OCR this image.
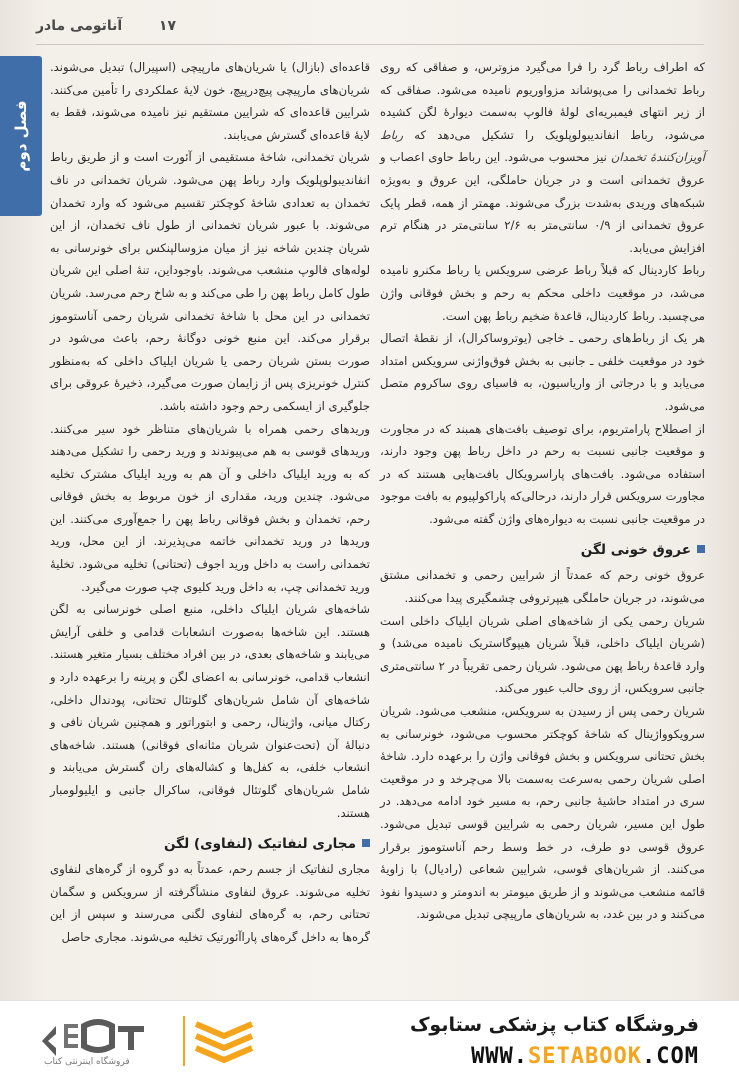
۱۷
آناتومی مادر
فصل دوم

که اطراف رباط گرد را فرا می‌گیرد مزوترس، و صفاقی که روی رباط تخمدانی را می‌پوشاند مزواوریوم نامیده می‌شود. صفاقی که از زیر انتهای فیمبریه‌ای لولهٔ فالوپ به‌سمت دیوارهٔ لگن کشیده می‌شود، رباط انفاندیبولوپلویک را تشکیل می‌دهد که رباط آویزان‌کنندهٔ تخمدان نیز محسوب می‌شود. این رباط حاوی اعصاب و عروق تخمدانی است و در جریان حاملگی، این عروق و به‌ویژه شبکه‌های وریدی به‌شدت بزرگ می‌شوند. مهمتر از همه، قطر پایک عروق تخمدانی از ۰/۹ سانتی‌متر به ۲/۶ سانتی‌متر در هنگام ترم افزایش می‌یابد.

رباط کاردینال که قبلاً رباط عرضی سرویکس یا رباط مکنرو نامیده می‌شد، در موقعیت داخلی محکم به رحم و بخش فوقانی واژن می‌چسبد. رباط کاردینال، قاعدهٔ ضخیم رباط پهن است.

هر یک از رباط‌های رحمی ـ خاجی (یوتروساکرال)، از نقطهٔ اتصال خود در موقعیت خلفی ـ جانبی به بخش فوق‌واژنی سرویکس امتداد می‌یابد و با درجاتی از واریاسیون، به فاسیای روی ساکروم متصل می‌شود.

از اصطلاح پارامتریوم، برای توصیف بافت‌های همبند که در مجاورت و موقعیت جانبی نسبت به رحم در داخل رباط پهن وجود دارند، استفاده می‌شود. بافت‌های پاراسرویکال بافت‌هایی هستند که در مجاورت سرویکس قرار دارند، درحالی‌که پاراکولپیوم به بافت موجود در موقعیت جانبی نسبت به دیواره‌های واژن گفته می‌شود.

عروق خونی لگن

عروق خونی رحم که عمدتاً از شرایین رحمی و تخمدانی مشتق می‌شوند، در جریان حاملگی هیپرتروفی چشمگیری پیدا می‌کنند.

شریان رحمی یکی از شاخه‌های اصلی شریان ایلیاک داخلی است (شریان ایلیاک داخلی، قبلاً شریان هیپوگاستریک نامیده می‌شد) و وارد قاعدهٔ رباط پهن می‌شود. شریان رحمی تقریباً در ۲ سانتی‌متری جانبی سرویکس، از روی حالب عبور می‌کند.

شریان رحمی پس از رسیدن به سرویکس، منشعب می‌شود. شریان سرویکوواژینال که شاخهٔ کوچکتر محسوب می‌شود، خونرسانی به بخش تحتانی سرویکس و بخش فوقانی واژن را برعهده دارد. شاخهٔ اصلی شریان رحمی به‌سرعت به‌سمت بالا می‌چرخد و در موقعیت سری در امتداد حاشیهٔ جانبی رحم، به مسیر خود ادامه می‌دهد. در طول این مسیر، شریان رحمی به شرایین قوسی تبدیل می‌شود. عروق قوسی دو طرف، در خط وسط رحم آناستوموز برقرار می‌کنند. از شریان‌های قوسی، شرایین شعاعی (رادیال) با زاویهٔ قائمه منشعب می‌شوند و از طریق میومتر به اندومتر و دسیدوا نفوذ می‌کنند و در بین غدد، به شریان‌های مارپیچی تبدیل می‌شوند.

قاعده‌ای (بازال) یا شریان‌های مارپیچی (اسپیرال) تبدیل می‌شوند. شریان‌های مارپیچی پیچ‌درپیچ، خون لایهٔ عملکردی را تأمین می‌کنند. شرایین قاعده‌ای که شرایین مستقیم نیز نامیده می‌شوند، فقط به لایهٔ قاعده‌ای گسترش می‌یابند.

شریان تخمدانی، شاخهٔ مستقیمی از آئورت است و از طریق رباط انفاندیبولوپلویک وارد رباط پهن می‌شود. شریان تخمدانی در ناف تخمدان به تعدادی شاخهٔ کوچکتر تقسیم می‌شود که وارد تخمدان می‌شوند. با عبور شریان تخمدانی از طول ناف تخمدان، از این شریان چندین شاخه نیز از میان مزوسالپنکس برای خونرسانی به لوله‌های فالوپ منشعب می‌شوند. باوجوداین، تنهٔ اصلی این شریان طول کامل رباط پهن را طی می‌کند و به شاخ رحم می‌رسد. شریان تخمدانی در این محل با شاخهٔ تخمدانی شریان رحمی آناستوموز برقرار می‌کند. این منبع خونی دوگانهٔ رحم، باعث می‌شود در صورت بستن شریان رحمی یا شریان ایلیاک داخلی که به‌منظور کنترل خونریزی پس از زایمان صورت می‌گیرد، ذخیرهٔ عروقی برای جلوگیری از ایسکمی رحم وجود داشته باشد.

وریدهای رحمی همراه با شریان‌های متناظر خود سیر می‌کنند. وریدهای قوسی به هم می‌پیوندند و ورید رحمی را تشکیل می‌دهند که به ورید ایلیاک داخلی و آن هم به ورید ایلیاک مشترک تخلیه می‌شود. چندین ورید، مقداری از خون مربوط به بخش فوقانی رحم، تخمدان و بخش فوقانی رباط پهن را جمع‌آوری می‌کنند. این وریدها در ورید تخمدانی خاتمه می‌پذیرند. از این محل، ورید تخمدانی راست به داخل ورید اجوف (تحتانی) تخلیه می‌شود. تخلیهٔ ورید تخمدانی چپ، به داخل ورید کلیوی چپ صورت می‌گیرد.

شاخه‌های شریان ایلیاک داخلی، منبع اصلی خونرسانی به لگن هستند. این شاخه‌ها به‌صورت انشعابات قدامی و خلفی آرایش می‌یابند و شاخه‌های بعدی، در بین افراد مختلف بسیار متغیر هستند. انشعاب قدامی، خونرسانی به اعضای لگن و پرینه را برعهده دارد و شاخه‌های آن شامل شریان‌های گلوتئال تحتانی، پودندال داخلی، رکتال میانی، واژینال، رحمی و ابتوراتور و همچنین شریان نافی و دنبالهٔ آن (تحت‌عنوان شریان مثانه‌ای فوقانی) هستند. شاخه‌های انشعاب خلفی، به کفل‌ها و کشاله‌های ران گسترش می‌یابند و شامل شریان‌های گلوتئال فوقانی، ساکرال جانبی و ایلیولومبار هستند.

مجاری لنفاتیک (لنفاوی) لگن

مجاری لنفاتیک از جسم رحم، عمدتاً به دو گروه از گره‌های لنفاوی تخلیه می‌شوند. عروق لنفاوی منشأگرفته از سرویکس و سگمان تحتانی رحم، به گره‌های لنفاوی لگنی می‌رسند و سپس از این گره‌ها به داخل گره‌های پاراآئورتیک تخلیه می‌شوند. مجاری حاصل

فروشگاه اینترنتی کتاب
فروشگاه کتاب پزشکی ستابوک
WWW.SETABOOK.COM
